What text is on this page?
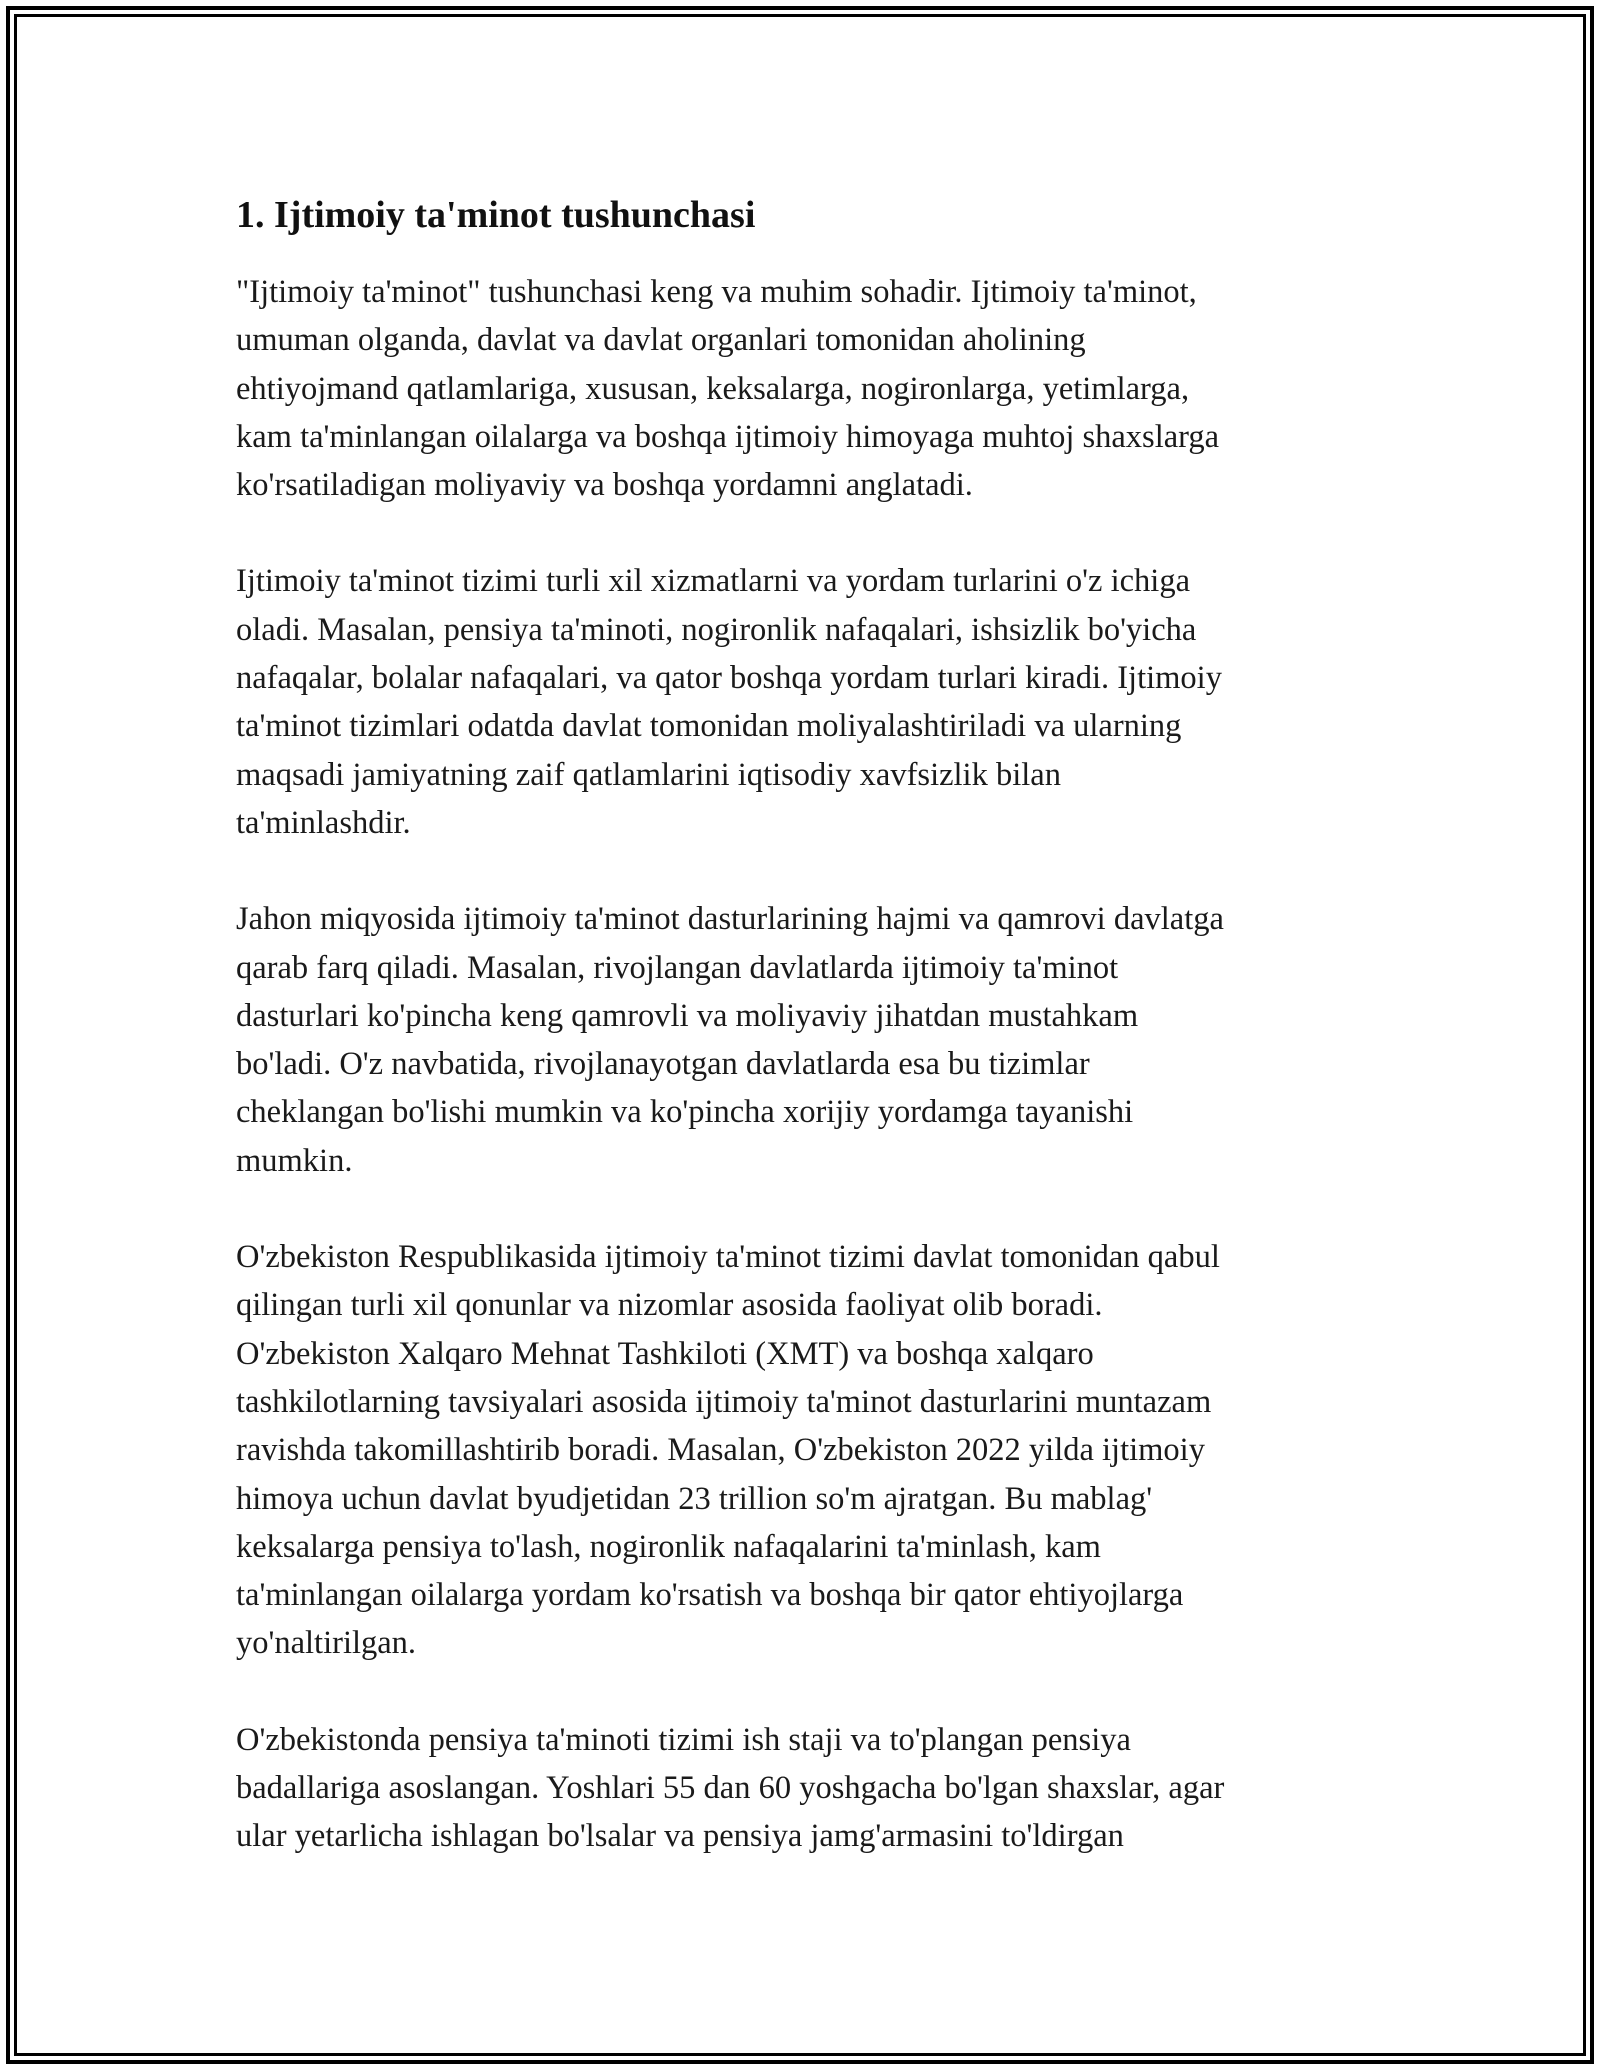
1. Ijtimoiy ta'minot tushunchasi

"Ijtimoiy ta'minot" tushunchasi keng va muhim sohadir. Ijtimoiy ta'minot,
umuman olganda, davlat va davlat organlari tomonidan aholining
ehtiyojmand qatlamlariga, xususan, keksalarga, nogironlarga, yetimlarga,
kam ta'minlangan oilalarga va boshqa ijtimoiy himoyaga muhtoj shaxslarga
ko'rsatiladigan moliyaviy va boshqa yordamni anglatadi.

Ijtimoiy ta'minot tizimi turli xil xizmatlarni va yordam turlarini o'z ichiga
oladi. Masalan, pensiya ta'minoti, nogironlik nafaqalari, ishsizlik bo'yicha
nafaqalar, bolalar nafaqalari, va qator boshqa yordam turlari kiradi. Ijtimoiy
ta'minot tizimlari odatda davlat tomonidan moliyalashtiriladi va ularning
maqsadi jamiyatning zaif qatlamlarini iqtisodiy xavfsizlik bilan
ta'minlashdir.

Jahon miqyosida ijtimoiy ta'minot dasturlarining hajmi va qamrovi davlatga
qarab farq qiladi. Masalan, rivojlangan davlatlarda ijtimoiy ta'minot
dasturlari ko'pincha keng qamrovli va moliyaviy jihatdan mustahkam
bo'ladi. O'z navbatida, rivojlanayotgan davlatlarda esa bu tizimlar
cheklangan bo'lishi mumkin va ko'pincha xorijiy yordamga tayanishi
mumkin.

O'zbekiston Respublikasida ijtimoiy ta'minot tizimi davlat tomonidan qabul
qilingan turli xil qonunlar va nizomlar asosida faoliyat olib boradi.
O'zbekiston Xalqaro Mehnat Tashkiloti (XMT) va boshqa xalqaro
tashkilotlarning tavsiyalari asosida ijtimoiy ta'minot dasturlarini muntazam
ravishda takomillashtirib boradi. Masalan, O'zbekiston 2022 yilda ijtimoiy
himoya uchun davlat byudjetidan 23 trillion so'm ajratgan. Bu mablag'
keksalarga pensiya to'lash, nogironlik nafaqalarini ta'minlash, kam
ta'minlangan oilalarga yordam ko'rsatish va boshqa bir qator ehtiyojlarga
yo'naltirilgan.

O'zbekistonda pensiya ta'minoti tizimi ish staji va to'plangan pensiya
badallariga asoslangan. Yoshlari 55 dan 60 yoshgacha bo'lgan shaxslar, agar
ular yetarlicha ishlagan bo'lsalar va pensiya jamg'armasini to'ldirgan
